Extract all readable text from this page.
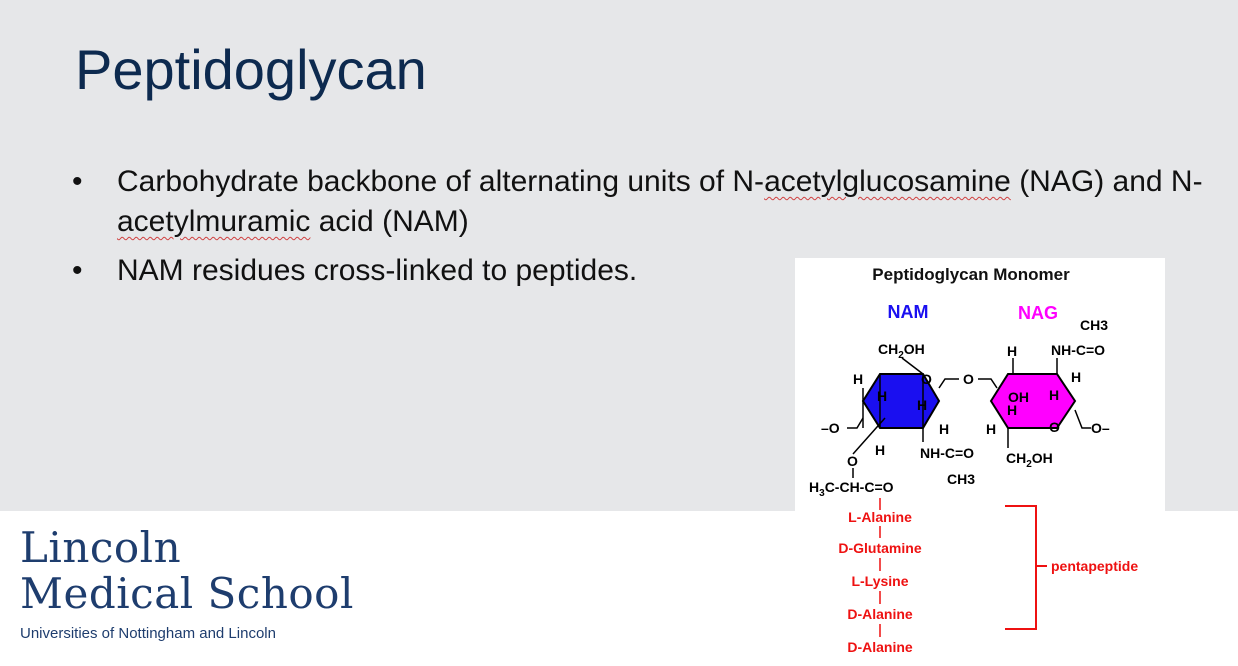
Peptidoglycan
• Carbohydrate backbone of alternating units of N-acetylglucosamine (NAG) and N-acetylmuramic acid (NAM)
• NAM residues cross-linked to peptides.	Peptidoglycan Monomer
NAM	NAG
$CH_2OH$
H
H
H
H
H
O O
–O
NH-C=O
CH3
O
$H_3C-CH-C=O$
CH3
NH-C=O
H
H
OH H
H
H	O O–
$CH_2OH$
L-Alanine
D-Glutamine
L-Lysine
D-Alanine
D-Alanine
pentapeptide
Lincoln
Medical School
Universities of Nottingham and Lincoln
